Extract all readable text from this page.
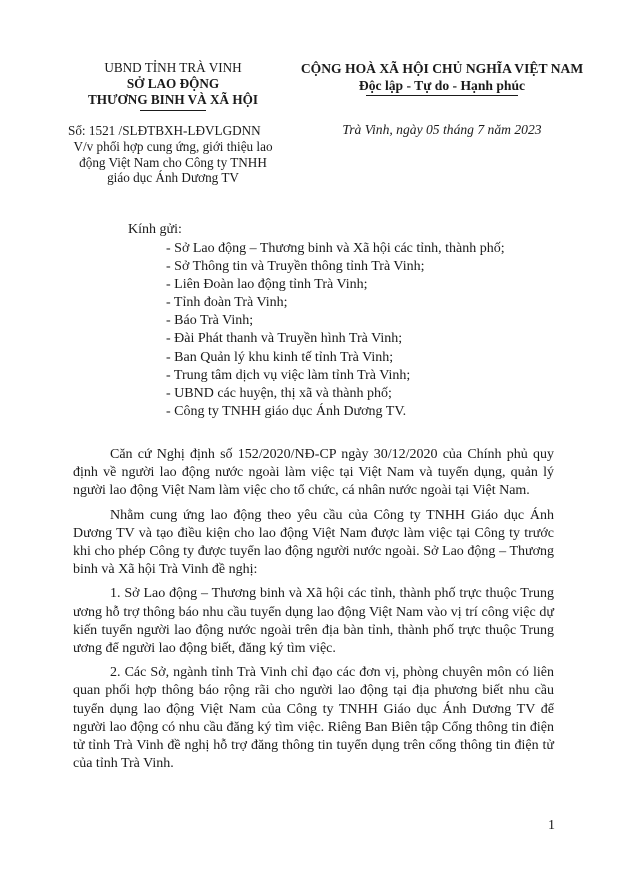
UBND TỈNH TRÀ VINH
SỞ LAO ĐỘNG
THƯƠNG BINH VÀ XÃ HỘI
CỘNG HOÀ XÃ HỘI CHỦ NGHĨA VIỆT NAM
Độc lập - Tự do - Hạnh phúc
Số: 1521 /SLĐTBXH-LĐVLGDNN
V/v phối hợp cung ứng, giới thiệu lao động Việt Nam cho Công ty TNHH giáo dục Ánh Dương TV
Trà Vinh, ngày 05 tháng 7 năm 2023
Kính gửi:
- Sở Lao động – Thương binh và Xã hội các tỉnh, thành phố;
- Sở Thông tin và Truyền thông tỉnh Trà Vinh;
- Liên Đoàn lao động tỉnh Trà Vinh;
- Tỉnh đoàn Trà Vinh;
- Báo Trà Vinh;
- Đài Phát thanh và Truyền hình Trà Vinh;
- Ban Quản lý khu kinh tế tỉnh Trà Vinh;
- Trung tâm dịch vụ việc làm tỉnh Trà Vinh;
- UBND các huyện, thị xã và thành phố;
- Công ty TNHH giáo dục Ánh Dương TV.

Căn cứ Nghị định số 152/2020/NĐ-CP ngày 30/12/2020 của Chính phủ quy định về người lao động nước ngoài làm việc tại Việt Nam và tuyển dụng, quản lý người lao động Việt Nam làm việc cho tổ chức, cá nhân nước ngoài tại Việt Nam.

Nhằm cung ứng lao động theo yêu cầu của Công ty TNHH Giáo dục Ánh Dương TV và tạo điều kiện cho lao động Việt Nam được làm việc tại Công ty trước khi cho phép Công ty được tuyển lao động người nước ngoài. Sở Lao động – Thương binh và Xã hội Trà Vinh đề nghị:

1. Sở Lao động – Thương binh và Xã hội các tỉnh, thành phố trực thuộc Trung ương hỗ trợ thông báo nhu cầu tuyển dụng lao động Việt Nam vào vị trí công việc dự kiến tuyển người lao động nước ngoài trên địa bàn tỉnh, thành phố trực thuộc Trung ương để người lao động biết, đăng ký tìm việc.

2. Các Sở, ngành tỉnh Trà Vinh chỉ đạo các đơn vị, phòng chuyên môn có liên quan phối hợp thông báo rộng rãi cho người lao động tại địa phương biết nhu cầu tuyển dụng lao động Việt Nam của Công ty TNHH Giáo dục Ánh Dương TV để người lao động có nhu cầu đăng ký tìm việc. Riêng Ban Biên tập Cổng thông tin điện tử tỉnh Trà Vinh đề nghị hỗ trợ đăng thông tin tuyển dụng trên cổng thông tin điện tử của tỉnh Trà Vinh.

1
